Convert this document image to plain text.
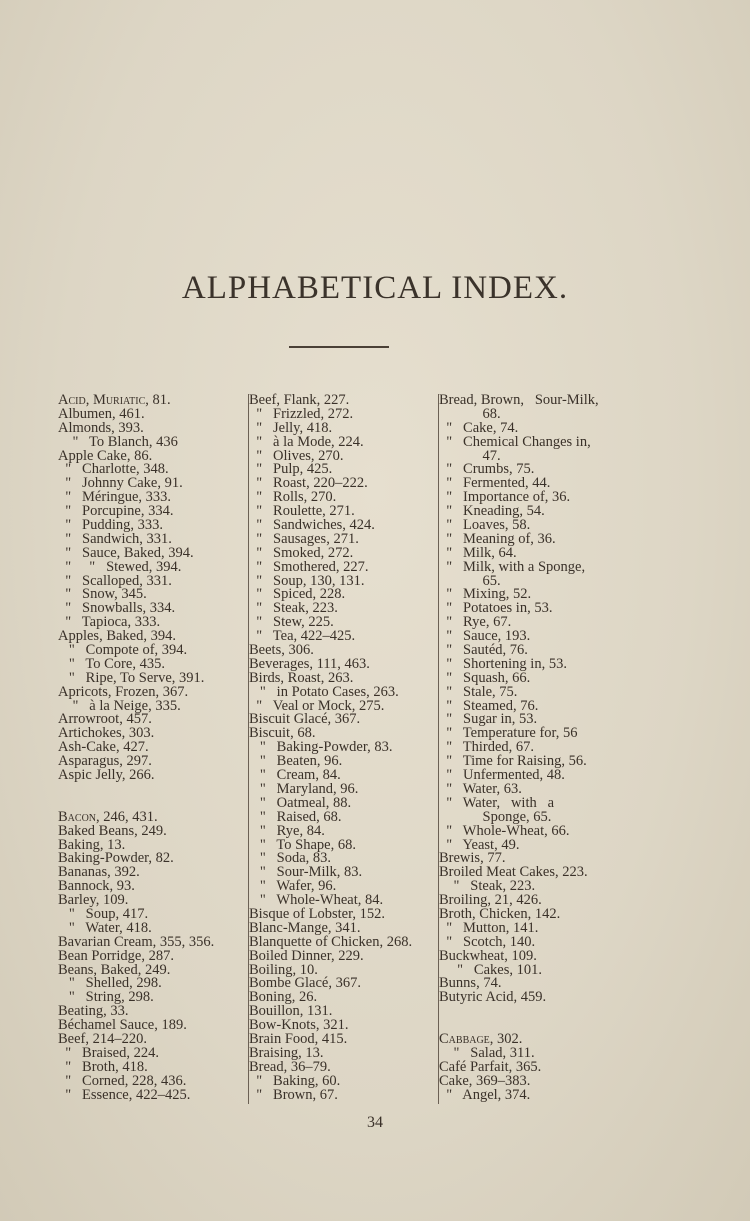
ALPHABETICAL INDEX.
Acid, Muriatic, 81.
Albumen, 461.
Almonds, 393.
"   To Blanch, 436
Apple Cake, 86.
"   Charlotte, 348.
"   Johnny Cake, 91.
"   Méringue, 333.
"   Porcupine, 334.
"   Pudding, 333.
"   Sandwich, 331.
"   Sauce, Baked, 394.
"     "   Stewed, 394.
"   Scalloped, 331.
"   Snow, 345.
"   Snowballs, 334.
"   Tapioca, 333.
Apples, Baked, 394.
"   Compote of, 394.
"   To Core, 435.
"   Ripe, To Serve, 391.
Apricots, Frozen, 367.
"   à la Neige, 335.
Arrowroot, 457.
Artichokes, 303.
Ash-Cake, 427.
Asparagus, 297.
Aspic Jelly, 266.
Bacon, 246, 431.
Baked Beans, 249.
Baking, 13.
Baking-Powder, 82.
Bananas, 392.
Bannock, 93.
Barley, 109.
"   Soup, 417.
"   Water, 418.
Bavarian Cream, 355, 356.
Bean Porridge, 287.
Beans, Baked, 249.
"   Shelled, 298.
"   String, 298.
Beating, 33.
Béchamel Sauce, 189.
Beef, 214–220.
"   Braised, 224.
"   Broth, 418.
"   Corned, 228, 436.
"   Essence, 422–425.
Beef, Flank, 227.
"   Frizzled, 272.
"   Jelly, 418.
"   à la Mode, 224.
"   Olives, 270.
"   Pulp, 425.
"   Roast, 220–222.
"   Rolls, 270.
"   Roulette, 271.
"   Sandwiches, 424.
"   Sausages, 271.
"   Smoked, 272.
"   Smothered, 227.
"   Soup, 130, 131.
"   Spiced, 228.
"   Steak, 223.
"   Stew, 225.
"   Tea, 422–425.
Beets, 306.
Beverages, 111, 463.
Birds, Roast, 263.
"   in Potato Cases, 263.
"   Veal or Mock, 275.
Biscuit Glacé, 367.
Biscuit, 68.
"   Baking-Powder, 83.
"   Beaten, 96.
"   Cream, 84.
"   Maryland, 96.
"   Oatmeal, 88.
"   Raised, 68.
"   Rye, 84.
"   To Shape, 68.
"   Soda, 83.
"   Sour-Milk, 83.
"   Wafer, 96.
"   Whole-Wheat, 84.
Bisque of Lobster, 152.
Blanc-Mange, 341.
Blanquette of Chicken, 268.
Boiled Dinner, 229.
Boiling, 10.
Bombe Glacé, 367.
Boning, 26.
Bouillon, 131.
Bow-Knots, 321.
Brain Food, 415.
Braising, 13.
Bread, 36–79.
"   Baking, 60.
"   Brown, 67.
Bread, Brown,   Sour-Milk,
68.
"   Cake, 74.
"   Chemical Changes in,
47.
"   Crumbs, 75.
"   Fermented, 44.
"   Importance of, 36.
"   Kneading, 54.
"   Loaves, 58.
"   Meaning of, 36.
"   Milk, 64.
"   Milk, with a Sponge,
65.
"   Mixing, 52.
"   Potatoes in, 53.
"   Rye, 67.
"   Sauce, 193.
"   Sautéd, 76.
"   Shortening in, 53.
"   Squash, 66.
"   Stale, 75.
"   Steamed, 76.
"   Sugar in, 53.
"   Temperature for, 56
"   Thirded, 67.
"   Time for Raising, 56.
"   Unfermented, 48.
"   Water, 63.
"   Water,   with   a
Sponge, 65.
"   Whole-Wheat, 66.
"   Yeast, 49.
Brewis, 77.
Broiled Meat Cakes, 223.
"   Steak, 223.
Broiling, 21, 426.
Broth, Chicken, 142.
"   Mutton, 141.
"   Scotch, 140.
Buckwheat, 109.
"   Cakes, 101.
Bunns, 74.
Butyric Acid, 459.
Cabbage, 302.
"   Salad, 311.
Café Parfait, 365.
Cake, 369–383.
"   Angel, 374.
34
